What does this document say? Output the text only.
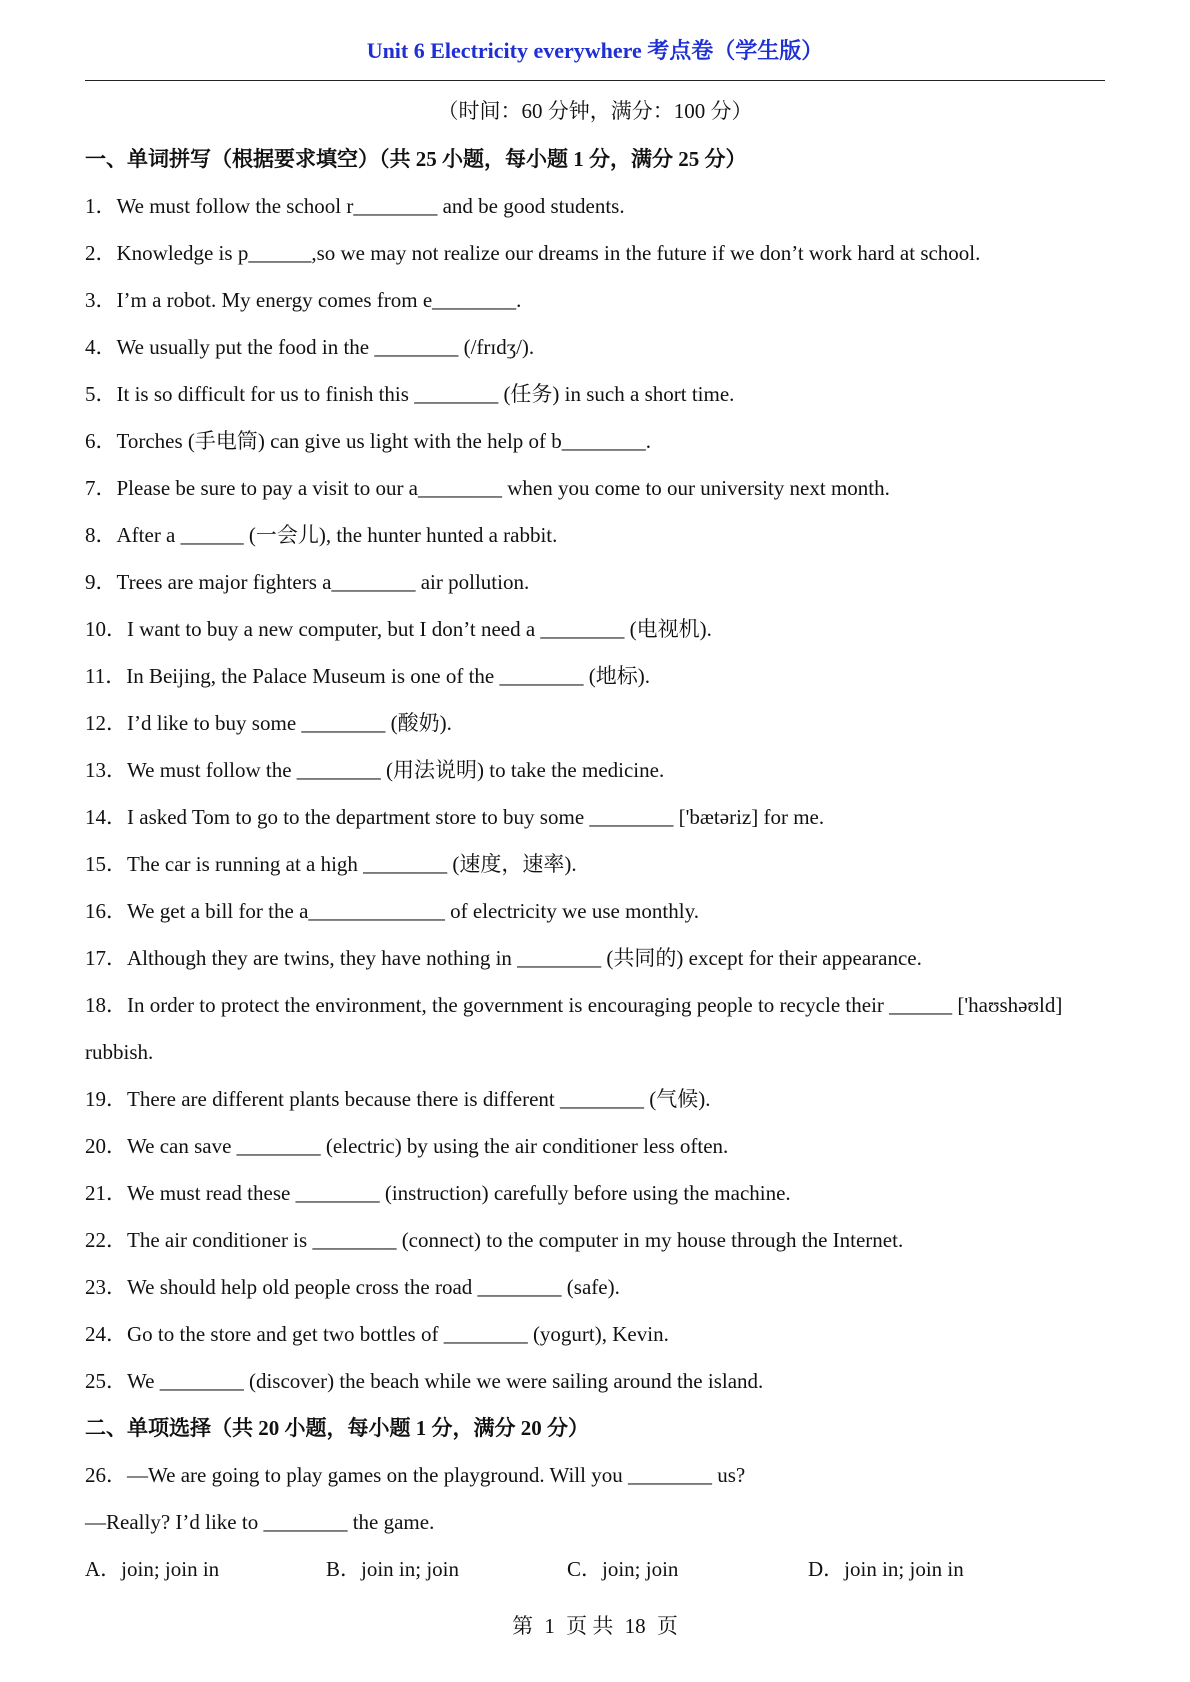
Unit 6 Electricity everywhere 考点卷（学生版）
（时间：60 分钟，满分：100 分）
一、单词拼写（根据要求填空）（共 25 小题，每小题 1 分，满分 25 分）
1．We must follow the school r________ and be good students.
2．Knowledge is p______,so we may not realize our dreams in the future if we don’t work hard at school.
3．I’m a robot. My energy comes from e________.
4．We usually put the food in the ________ (/frɪdʒ/).
5．It is so difficult for us to finish this ________ (任务) in such a short time.
6．Torches (手电筒) can give us light with the help of b________.
7．Please be sure to pay a visit to our a________ when you come to our university next month.
8．After a ______ (一会儿), the hunter hunted a rabbit.
9．Trees are major fighters a________ air pollution.
10．I want to buy a new computer, but I don’t need a ________ (电视机).
11．In Beijing, the Palace Museum is one of the ________ (地标).
12．I’d like to buy some ________ (酸奶).
13．We must follow the ________ (用法说明) to take the medicine.
14．I asked Tom to go to the department store to buy some ________ ['bætəriz] for me.
15．The car is running at a high ________ (速度，速率).
16．We get a bill for the a_____________ of electricity we use monthly.
17．Although they are twins, they have nothing in ________ (共同的) except for their appearance.
18．In order to protect the environment, the government is encouraging people to recycle their ______ ['haʊshəʊld] rubbish.
19．There are different plants because there is different ________ (气候).
20．We can save ________ (electric) by using the air conditioner less often.
21．We must read these ________ (instruction) carefully before using the machine.
22．The air conditioner is ________ (connect) to the computer in my house through the Internet.
23．We should help old people cross the road ________ (safe).
24．Go to the store and get two bottles of ________ (yogurt), Kevin.
25．We ________ (discover) the beach while we were sailing around the island.
二、单项选择（共 20 小题，每小题 1 分，满分 20 分）
26．—We are going to play games on the playground. Will you ________ us?
—Really? I’d like to ________ the game.
A．join; join in	B．join in; join	C．join; join	D．join in; join in
第 1 页 共 18 页
